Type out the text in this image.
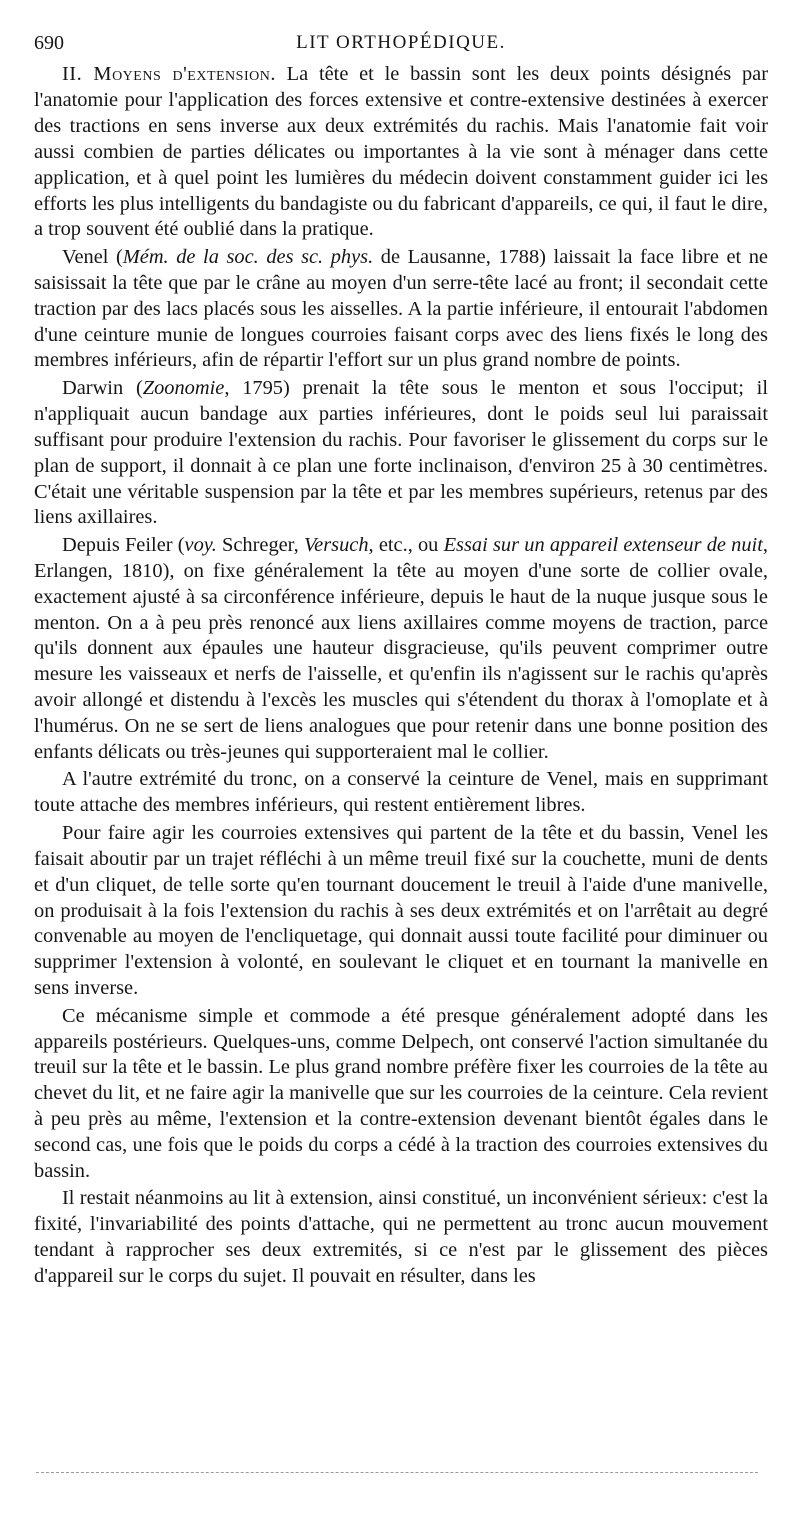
690	LIT ORTHOPÉDIQUE.

II. Moyens d'extension. La tête et le bassin sont les deux points désignés par l'anatomie pour l'application des forces extensive et contre-extensive destinées à exercer des tractions en sens inverse aux deux extrémités du rachis. Mais l'anatomie fait voir aussi combien de parties délicates ou importantes à la vie sont à ménager dans cette application, et à quel point les lumières du médecin doivent constamment guider ici les efforts les plus intelligents du bandagiste ou du fabricant d'appareils, ce qui, il faut le dire, a trop souvent été oublié dans la pratique.

Venel (Mém. de la soc. des sc. phys. de Lausanne, 1788) laissait la face libre et ne saisissait la tête que par le crâne au moyen d'un serre-tête lacé au front; il secondait cette traction par des lacs placés sous les aisselles. A la partie inférieure, il entourait l'abdomen d'une ceinture munie de longues courroies faisant corps avec des liens fixés le long des membres inférieurs, afin de répartir l'effort sur un plus grand nombre de points.

Darwin (Zoonomie, 1795) prenait la tête sous le menton et sous l'occiput; il n'appliquait aucun bandage aux parties inférieures, dont le poids seul lui paraissait suffisant pour produire l'extension du rachis. Pour favoriser le glissement du corps sur le plan de support, il donnait à ce plan une forte inclinaison, d'environ 25 à 30 centimètres. C'était une véritable suspension par la tête et par les membres supérieurs, retenus par des liens axillaires.

Depuis Feiler (voy. Schreger, Versuch, etc., ou Essai sur un appareil extenseur de nuit, Erlangen, 1810), on fixe généralement la tête au moyen d'une sorte de collier ovale, exactement ajusté à sa circonférence inférieure, depuis le haut de la nuque jusque sous le menton. On a à peu près renoncé aux liens axillaires comme moyens de traction, parce qu'ils donnent aux épaules une hauteur disgracieuse, qu'ils peuvent comprimer outre mesure les vaisseaux et nerfs de l'aisselle, et qu'enfin ils n'agissent sur le rachis qu'après avoir allongé et distendu à l'excès les muscles qui s'étendent du thorax à l'omoplate et à l'humérus. On ne se sert de liens analogues que pour retenir dans une bonne position des enfants délicats ou très-jeunes qui supporteraient mal le collier.

A l'autre extrémité du tronc, on a conservé la ceinture de Venel, mais en supprimant toute attache des membres inférieurs, qui restent entièrement libres.

Pour faire agir les courroies extensives qui partent de la tête et du bassin, Venel les faisait aboutir par un trajet réfléchi à un même treuil fixé sur la couchette, muni de dents et d'un cliquet, de telle sorte qu'en tournant doucement le treuil à l'aide d'une manivelle, on produisait à la fois l'extension du rachis à ses deux extrémités et on l'arrêtait au degré convenable au moyen de l'encliquetage, qui donnait aussi toute facilité pour diminuer ou supprimer l'extension à volonté, en soulevant le cliquet et en tournant la manivelle en sens inverse.

Ce mécanisme simple et commode a été presque généralement adopté dans les appareils postérieurs. Quelques-uns, comme Delpech, ont conservé l'action simultanée du treuil sur la tête et le bassin. Le plus grand nombre préfère fixer les courroies de la tête au chevet du lit, et ne faire agir la manivelle que sur les courroies de la ceinture. Cela revient à peu près au même, l'extension et la contre-extension devenant bientôt égales dans le second cas, une fois que le poids du corps a cédé à la traction des courroies extensives du bassin.

Il restait néanmoins au lit à extension, ainsi constitué, un inconvénient sérieux: c'est la fixité, l'invariabilité des points d'attache, qui ne permettent au tronc aucun mouvement tendant à rapprocher ses deux extremités, si ce n'est par le glissement des pièces d'appareil sur le corps du sujet. Il pouvait en résulter, dans les
